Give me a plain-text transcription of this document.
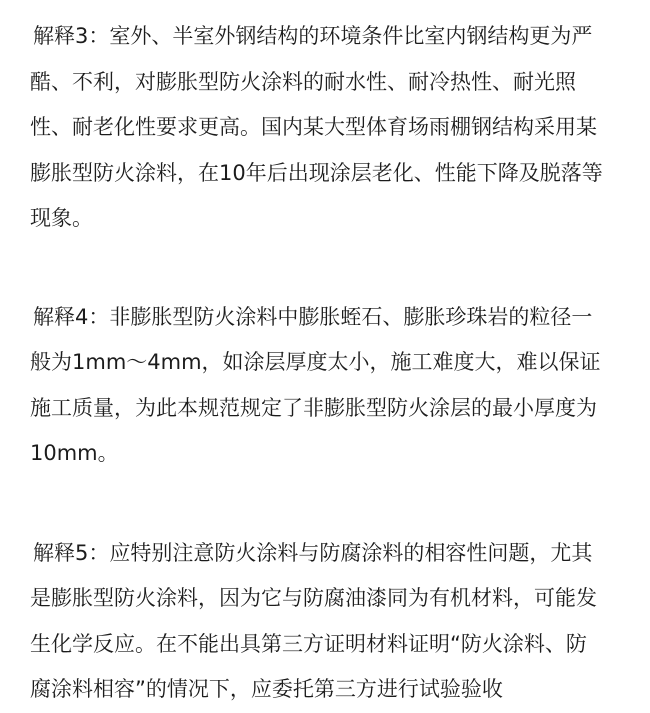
解释3：室外、半室外钢结构的环境条件比室内钢结构更为严
酷、不利，对膨胀型防火涂料的耐水性、耐冷热性、耐光照
性、耐老化性要求更高。国内某大型体育场雨棚钢结构采用某
膨胀型防火涂料，在10年后出现涂层老化、性能下降及脱落等
现象。
解释4：非膨胀型防火涂料中膨胀蛭石、膨胀珍珠岩的粒径一
般为1mm～4mm，如涂层厚度太小，施工难度大，难以保证
施工质量，为此本规范规定了非膨胀型防火涂层的最小厚度为
10mm。
解释5：应特别注意防火涂料与防腐涂料的相容性问题，尤其
是膨胀型防火涂料，因为它与防腐油漆同为有机材料，可能发
生化学反应。在不能出具第三方证明材料证明“防火涂料、防
腐涂料相容”的情况下，应委托第三方进行试验验收
